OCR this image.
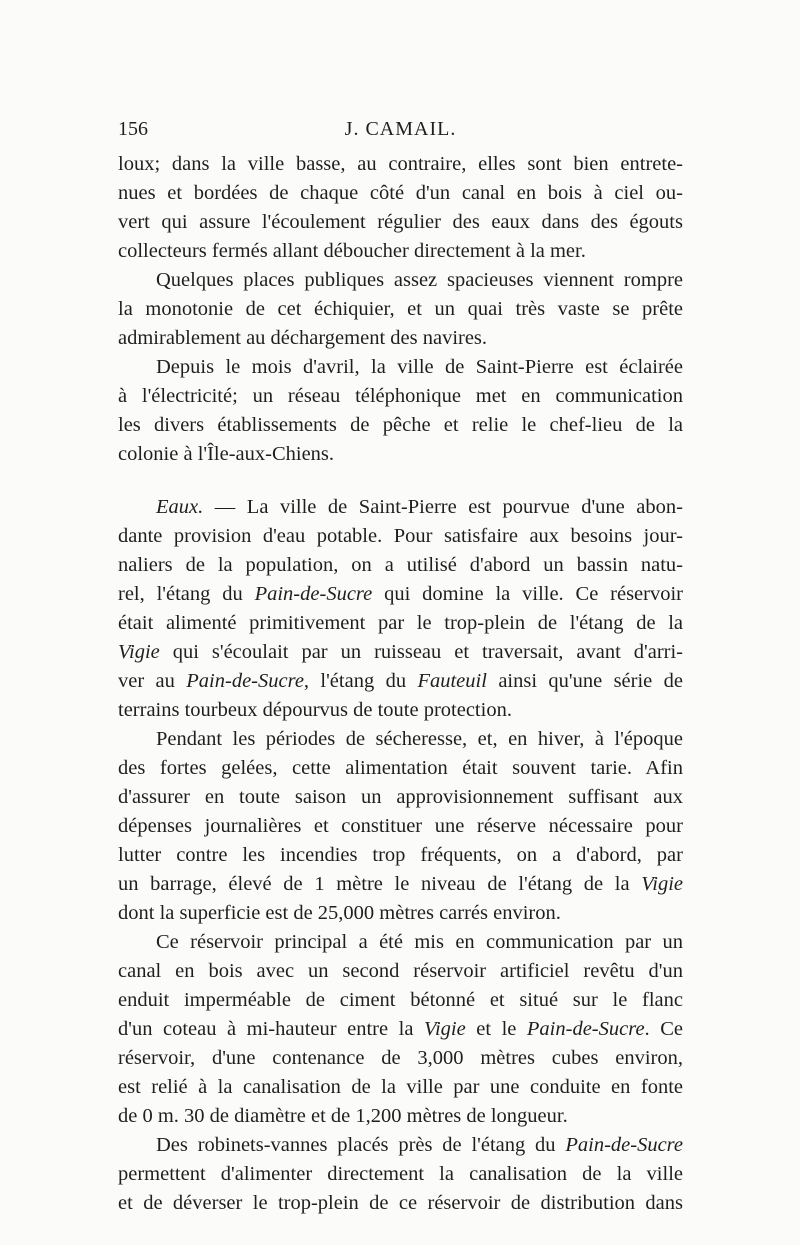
156	J. CAMAIL.
loux; dans la ville basse, au contraire, elles sont bien entrete-
nues et bordées de chaque côté d'un canal en bois à ciel ou-
vert qui assure l'écoulement régulier des eaux dans des égouts
collecteurs fermés allant déboucher directement à la mer.
Quelques places publiques assez spacieuses viennent rompre
la monotonie de cet échiquier, et un quai très vaste se prête
admirablement au déchargement des navires.
Depuis le mois d'avril, la ville de Saint-Pierre est éclairée
à l'électricité; un réseau téléphonique met en communication
les divers établissements de pêche et relie le chef-lieu de la
colonie à l'Île-aux-Chiens.
Eaux. — La ville de Saint-Pierre est pourvue d'une abon-
dante provision d'eau potable. Pour satisfaire aux besoins jour-
naliers de la population, on a utilisé d'abord un bassin natu-
rel, l'étang du Pain-de-Sucre qui domine la ville. Ce réservoir
était alimenté primitivement par le trop-plein de l'étang de la
Vigie qui s'écoulait par un ruisseau et traversait, avant d'arri-
ver au Pain-de-Sucre, l'étang du Fauteuil ainsi qu'une série de
terrains tourbeux dépourvus de toute protection.
Pendant les périodes de sécheresse, et, en hiver, à l'époque
des fortes gelées, cette alimentation était souvent tarie. Afin
d'assurer en toute saison un approvisionnement suffisant aux
dépenses journalières et constituer une réserve nécessaire pour
lutter contre les incendies trop fréquents, on a d'abord, par
un barrage, élevé de 1 mètre le niveau de l'étang de la Vigie
dont la superficie est de 25,000 mètres carrés environ.
Ce réservoir principal a été mis en communication par un
canal en bois avec un second réservoir artificiel revêtu d'un
enduit imperméable de ciment bétonné et situé sur le flanc
d'un coteau à mi-hauteur entre la Vigie et le Pain-de-Sucre. Ce
réservoir, d'une contenance de 3,000 mètres cubes environ,
est relié à la canalisation de la ville par une conduite en fonte
de 0 m. 30 de diamètre et de 1,200 mètres de longueur.
Des robinets-vannes placés près de l'étang du Pain-de-Sucre
permettent d'alimenter directement la canalisation de la ville
et de déverser le trop-plein de ce réservoir de distribution dans
